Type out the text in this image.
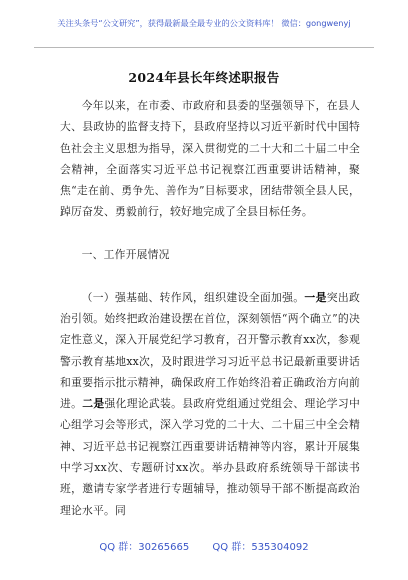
关注头条号“公文研究”，获得最新最全最专业的公文资料库！ 微信：gongwenyj
2024年县长年终述职报告

今年以来，在市委、市政府和县委的坚强领导下，在县人大、县政协的监督支持下，县政府坚持以习近平新时代中国特色社会主义思想为指导，深入贯彻党的二十大和二十届二中全会精神，全面落实习近平总书记视察江西重要讲话精神，聚焦“走在前、勇争先、善作为”目标要求，团结带领全县人民，踔厉奋发、勇毅前行，较好地完成了全县目标任务。

一、工作开展情况

（一）强基础、转作风，组织建设全面加强。一是突出政治引领。始终把政治建设摆在首位，深刻领悟“两个确立”的决定性意义，深入开展党纪学习教育，召开警示教育xx次，参观警示教育基地xx次，及时跟进学习习近平总书记最新重要讲话和重要指示批示精神，确保政府工作始终沿着正确政治方向前进。二是强化理论武装。县政府党组通过党组会、理论学习中心组学习会等形式，深入学习党的二十大、二十届三中全会精神、习近平总书记视察江西重要讲话精神等内容，累计开展集中学习xx次、专题研讨xx次。举办县政府系统领导干部读书班，邀请专家学者进行专题辅导，推动领导干部不断提高政治理论水平。同

QQ 群：30265665 QQ 群：535304092
